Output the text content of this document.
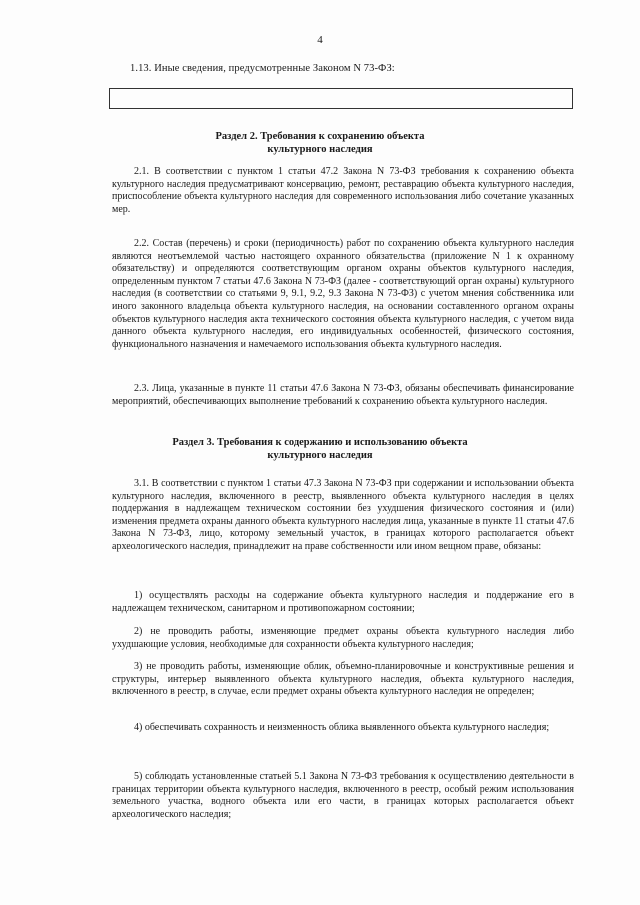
4
1.13. Иные сведения, предусмотренные Законом N 73-ФЗ:
Раздел 2. Требования к сохранению объекта
культурного наследия
2.1. В соответствии с пунктом 1 статьи 47.2 Закона N 73-ФЗ требования к сохранению объекта культурного наследия предусматривают консервацию, ремонт, реставрацию объекта культурного наследия, приспособление объекта культурного наследия для современного использования либо сочетание указанных мер.
2.2. Состав (перечень) и сроки (периодичность) работ по сохранению объекта культурного наследия являются неотъемлемой частью настоящего охранного обязательства (приложение N 1 к охранному обязательству) и определяются соответствующим органом охраны объектов культурного наследия, определенным пунктом 7 статьи 47.6 Закона N 73-ФЗ (далее - соответствующий орган охраны) культурного наследия (в соответствии со статьями 9, 9.1, 9.2, 9.3 Закона N 73-ФЗ) с учетом мнения собственника или иного законного владельца объекта культурного наследия, на основании составленного органом охраны объектов культурного наследия акта технического состояния объекта культурного наследия, с учетом вида данного объекта культурного наследия, его индивидуальных особенностей, физического состояния, функционального назначения и намечаемого использования объекта культурного наследия.
2.3. Лица, указанные в пункте 11 статьи 47.6 Закона N 73-ФЗ, обязаны обеспечивать финансирование мероприятий, обеспечивающих выполнение требований к сохранению объекта культурного наследия.
Раздел 3. Требования к содержанию и использованию объекта
культурного наследия
3.1. В соответствии с пунктом 1 статьи 47.3 Закона N 73-ФЗ при содержании и использовании объекта культурного наследия, включенного в реестр, выявленного объекта культурного наследия в целях поддержания в надлежащем техническом состоянии без ухудшения физического состояния и (или) изменения предмета охраны данного объекта культурного наследия лица, указанные в пункте 11 статьи 47.6 Закона N 73-ФЗ, лицо, которому земельный участок, в границах которого располагается объект археологического наследия, принадлежит на праве собственности или ином вещном праве, обязаны:
1) осуществлять расходы на содержание объекта культурного наследия и поддержание его в надлежащем техническом, санитарном и противопожарном состоянии;
2) не проводить работы, изменяющие предмет охраны объекта культурного наследия либо ухудшающие условия, необходимые для сохранности объекта культурного наследия;
3) не проводить работы, изменяющие облик, объемно-планировочные и конструктивные решения и структуры, интерьер выявленного объекта культурного наследия, объекта культурного наследия, включенного в реестр, в случае, если предмет охраны объекта культурного наследия не определен;
4) обеспечивать сохранность и неизменность облика выявленного объекта культурного наследия;
5) соблюдать установленные статьей 5.1 Закона N 73-ФЗ требования к осуществлению деятельности в границах территории объекта культурного наследия, включенного в реестр, особый режим использования земельного участка, водного объекта или его части, в границах которых располагается объект археологического наследия;
